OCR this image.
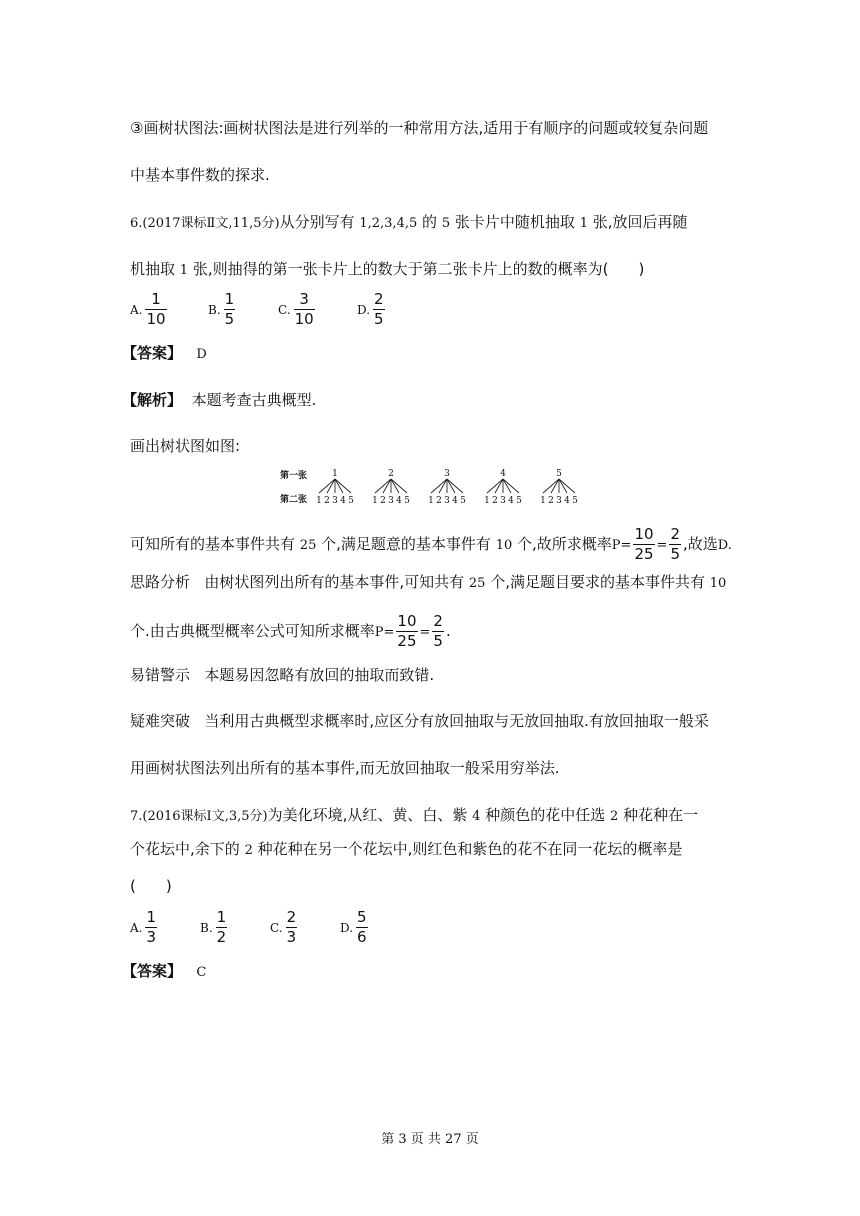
③画树状图法:画树状图法是进行列举的一种常用方法,适用于有顺序的问题或较复杂问题
中基本事件数的探求.
6.(2017课标Ⅱ文,11,5分)从分别写有 1,2,3,4,5 的 5 张卡片中随机抽取 1 张,放回后再随
机抽取 1 张,则抽得的第一张卡片上的数大于第二张卡片上的数的概率为(　　)
A. $\frac{1}{10}$	B. $\frac{1}{5}$	C. $\frac{3}{10}$	D. $\frac{2}{5}$
【答案】 D
【解析】 本题考查古典概型.
画出树状图如图:
第一张
第二张
1
1 2 3 4 5
2
1 2 3 4 5
3
1 2 3 4 5
4
1 2 3 4 5
5
1 2 3 4 5
可知所有的基本事件共有 25 个,满足题意的基本事件有 10 个,故所求概率$P= \frac{10}{25} = \frac{2}{5}$ ,故选D.
思路分析 由树状图列出所有的基本事件,可知共有 25 个,满足题目要求的基本事件共有 10
个.由古典概型概率公式可知所求概率$P= \frac{10}{25} = \frac{2}{5}$ .
易错警示 本题易因忽略有放回的抽取而致错.
疑难突破 当利用古典概型求概率时,应区分有放回抽取与无放回抽取.有放回抽取一般采
用画树状图法列出所有的基本事件,而无放回抽取一般采用穷举法.
7.(2016课标Ⅰ文,3,5分)为美化环境,从红、黄、白、紫 4 种颜色的花中任选 2 种花种在一
个花坛中,余下的 2 种花种在另一个花坛中,则红色和紫色的花不在同一花坛的概率是
(　　)
A. $\frac{1}{3}$	B. $\frac{1}{2}$	C. $\frac{2}{3}$	D. $\frac{5}{6}$
【答案】 C
第 3 页 共 27 页
